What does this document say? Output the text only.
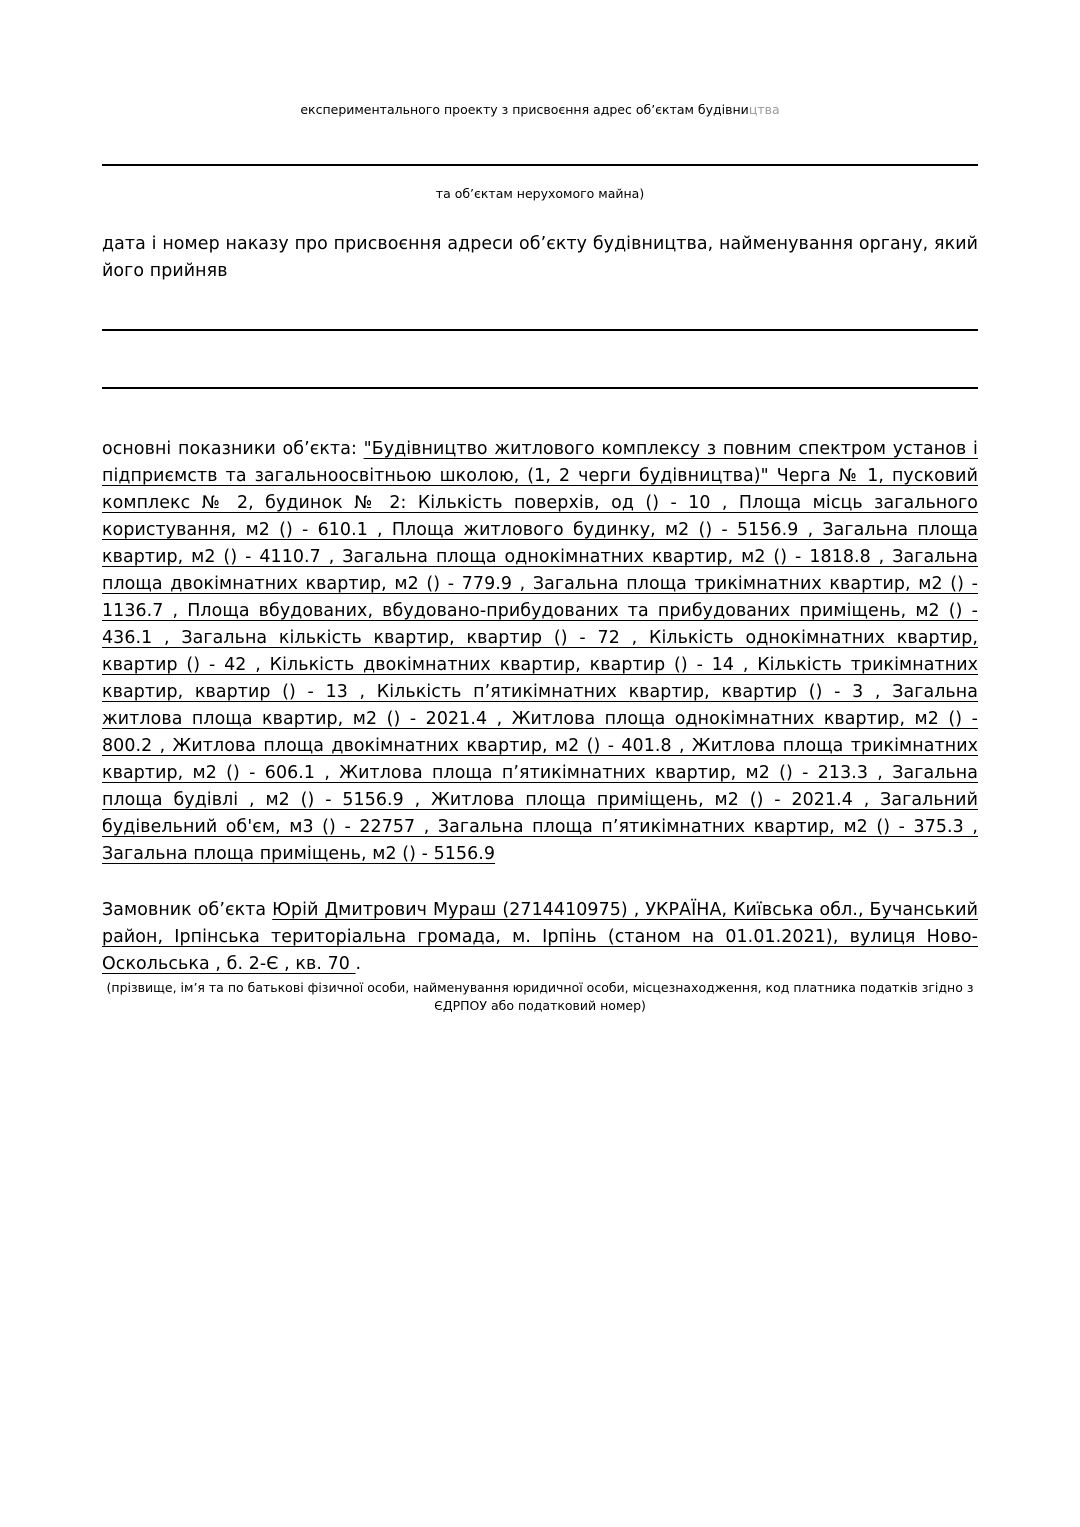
експериментального проекту з присвоєння адрес об’єктам будівництва
та об’єктам нерухомого майна)
дата і номер наказу про присвоєння адреси об’єкту будівництва, найменування органу, який його прийняв
основні показники об’єкта: "Будівництво житлового комплексу з повним спектром установ і підприємств та загальноосвітньою школою, (1, 2 черги будівництва)" Черга № 1, пусковий комплекс № 2, будинок № 2: Кількість поверхів, од () - 10 , Площа місць загального користування, м2 () - 610.1 , Площа житлового будинку, м2 () - 5156.9 , Загальна площа квартир, м2 () - 4110.7 , Загальна площа однокімнатних квартир, м2 () - 1818.8 , Загальна площа двокімнатних квартир, м2 () - 779.9 , Загальна площа трикімнатних квартир, м2 () - 1136.7 , Площа вбудованих, вбудовано-прибудованих та прибудованих приміщень, м2 () - 436.1 , Загальна кількість квартир, квартир () - 72 , Кількість однокімнатних квартир, квартир () - 42 , Кількість двокімнатних квартир, квартир () - 14 , Кількість трикімнатних квартир, квартир () - 13 , Кількість п’ятикімнатних квартир, квартир () - 3 , Загальна житлова площа квартир, м2 () - 2021.4 , Житлова площа однокімнатних квартир, м2 () - 800.2 , Житлова площа двокімнатних квартир, м2 () - 401.8 , Житлова площа трикімнатних квартир, м2 () - 606.1 , Житлова площа п’ятикімнатних квартир, м2 () - 213.3 , Загальна площа будівлі , м2 () - 5156.9 , Житлова площа приміщень, м2 () - 2021.4 , Загальний будівельний об'єм, м3 () - 22757 , Загальна площа п’ятикімнатних квартир, м2 () - 375.3 , Загальна площа приміщень, м2 () - 5156.9
Замовник об’єкта Юрій Дмитрович Мураш (2714410975) , УКРАЇНА, Київська обл., Бучанський район, Ірпінська територіальна громада, м. Ірпінь (станом на 01.01.2021), вулиця Ново-Оскольська , б. 2-Є , кв. 70 .
(прізвище, ім’я та по батькові фізичної особи, найменування юридичної особи, місцезнаходження, код платника податків згідно з ЄДРПОУ або податковий номер)
